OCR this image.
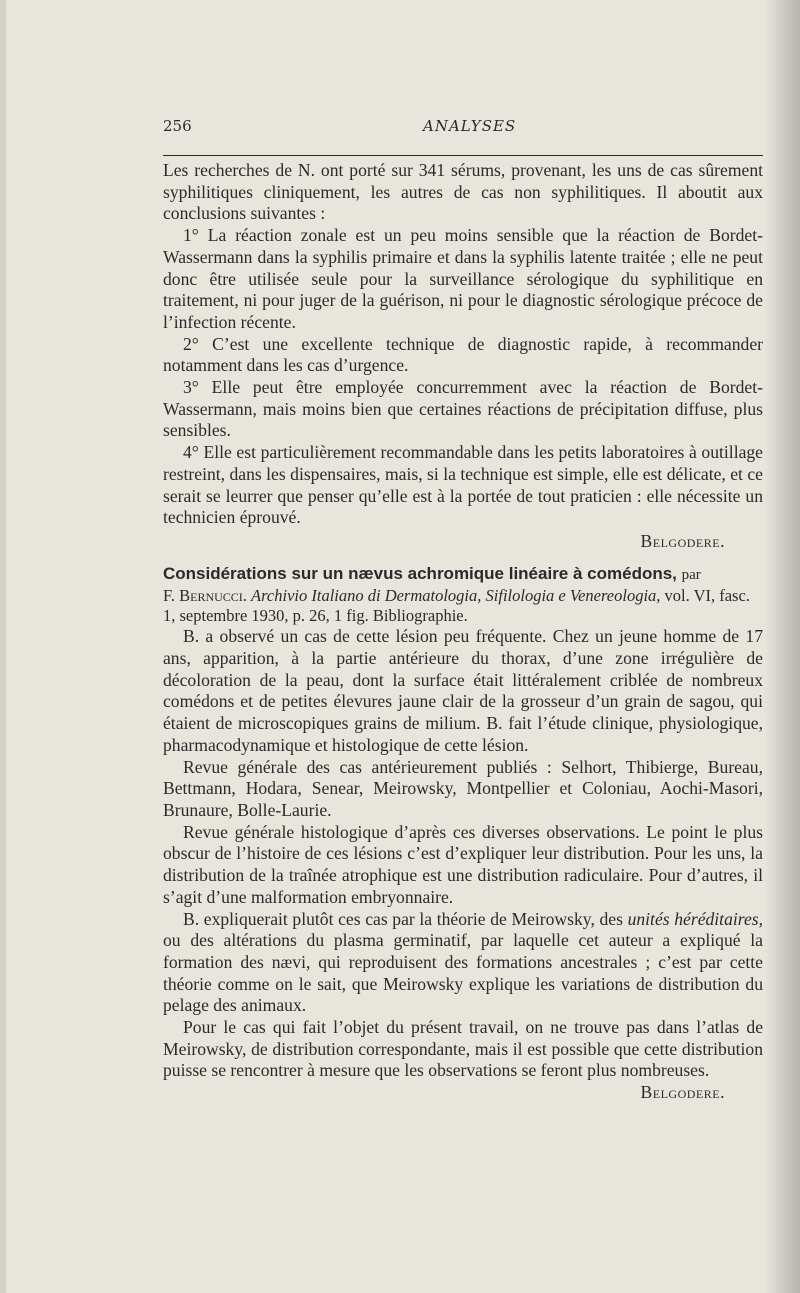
256	ANALYSES

Les recherches de N. ont porté sur 341 sérums, provenant, les uns de cas sûrement syphilitiques cliniquement, les autres de cas non syphilitiques. Il aboutit aux conclusions suivantes :

1° La réaction zonale est un peu moins sensible que la réaction de Bordet-Wassermann dans la syphilis primaire et dans la syphilis latente traitée ; elle ne peut donc être utilisée seule pour la surveillance sérologique du syphilitique en traitement, ni pour juger de la guérison, ni pour le diagnostic sérologique précoce de l’infection récente.

2° C’est une excellente technique de diagnostic rapide, à recommander notamment dans les cas d’urgence.

3° Elle peut être employée concurremment avec la réaction de Bordet-Wassermann, mais moins bien que certaines réactions de précipitation diffuse, plus sensibles.

4° Elle est particulièrement recommandable dans les petits laboratoires à outillage restreint, dans les dispensaires, mais, si la technique est simple, elle est délicate, et ce serait se leurrer que penser qu’elle est à la portée de tout praticien : elle nécessite un technicien éprouvé.

Belgodere.

Considérations sur un nævus achromique linéaire à comédons, par

F. Bernucci. Archivio Italiano di Dermatologia, Sifilologia e Venereologia, vol. VI, fasc. 1, septembre 1930, p. 26, 1 fig. Bibliographie.

B. a observé un cas de cette lésion peu fréquente. Chez un jeune homme de 17 ans, apparition, à la partie antérieure du thorax, d’une zone irrégulière de décoloration de la peau, dont la surface était littéralement criblée de nombreux comédons et de petites élevures jaune clair de la grosseur d’un grain de sagou, qui étaient de microscopiques grains de milium. B. fait l’étude clinique, physiologique, pharmacodynamique et histologique de cette lésion.

Revue générale des cas antérieurement publiés : Selhort, Thibierge, Bureau, Bettmann, Hodara, Senear, Meirowsky, Montpellier et Coloniau, Aochi-Masori, Brunaure, Bolle-Laurie.

Revue générale histologique d’après ces diverses observations. Le point le plus obscur de l’histoire de ces lésions c’est d’expliquer leur distribution. Pour les uns, la distribution de la traînée atrophique est une distribution radiculaire. Pour d’autres, il s’agit d’une malformation embryonnaire.

B. expliquerait plutôt ces cas par la théorie de Meirowsky, des unités héréditaires, ou des altérations du plasma germinatif, par laquelle cet auteur a expliqué la formation des nævi, qui reproduisent des formations ancestrales ; c’est par cette théorie comme on le sait, que Meirowsky explique les variations de distribution du pelage des animaux.

Pour le cas qui fait l’objet du présent travail, on ne trouve pas dans l’atlas de Meirowsky, de distribution correspondante, mais il est possible que cette distribution puisse se rencontrer à mesure que les observations se feront plus nombreuses.
Belgodere.
